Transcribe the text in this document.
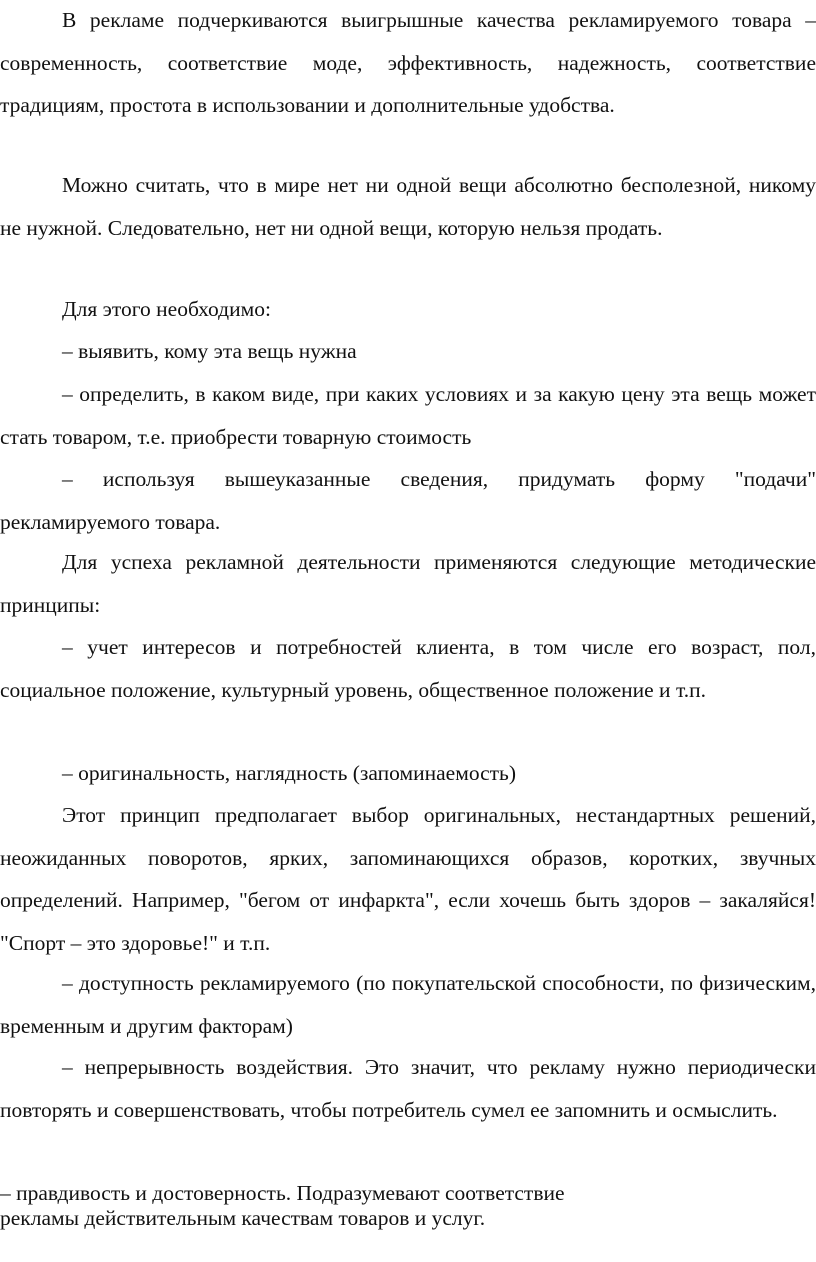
В рекламе подчеркиваются выигрышные качества рекламируемого товара – современность, соответствие моде, эффективность, надежность, соответствие традициям, простота в использовании и дополнительные удобства.

Можно считать, что в мире нет ни одной вещи абсолютно бесполезной, никому не нужной. Следовательно, нет ни одной вещи, которую нельзя продать.

Для этого необходимо:

– выявить, кому эта вещь нужна

– определить, в каком виде, при каких условиях и за какую цену эта вещь может стать товаром, т.е. приобрести товарную стоимость

– используя вышеуказанные сведения, придумать форму "подачи" рекламируемого товара.

Для успеха рекламной деятельности применяются следующие методические принципы:

– учет интересов и потребностей клиента, в том числе его возраст, пол, социальное положение, культурный уровень, общественное положение и т.п.

– оригинальность, наглядность (запоминаемость)

Этот принцип предполагает выбор оригинальных, нестандартных решений, неожиданных поворотов, ярких, запоминающихся образов, коротких, звучных определений. Например, "бегом от инфаркта", если хочешь быть здоров – закаляйся! "Спорт – это здоровье!" и т.п.

– доступность рекламируемого (по покупательской способности, по физическим, временным и другим факторам)

– непрерывность воздействия. Это значит, что рекламу нужно периодически повторять и совершенствовать, чтобы потребитель сумел ее запомнить и осмыслить.

– правдивость и достоверность. Подразумевают соответствие

рекламы действительным качествам товаров и услуг.
